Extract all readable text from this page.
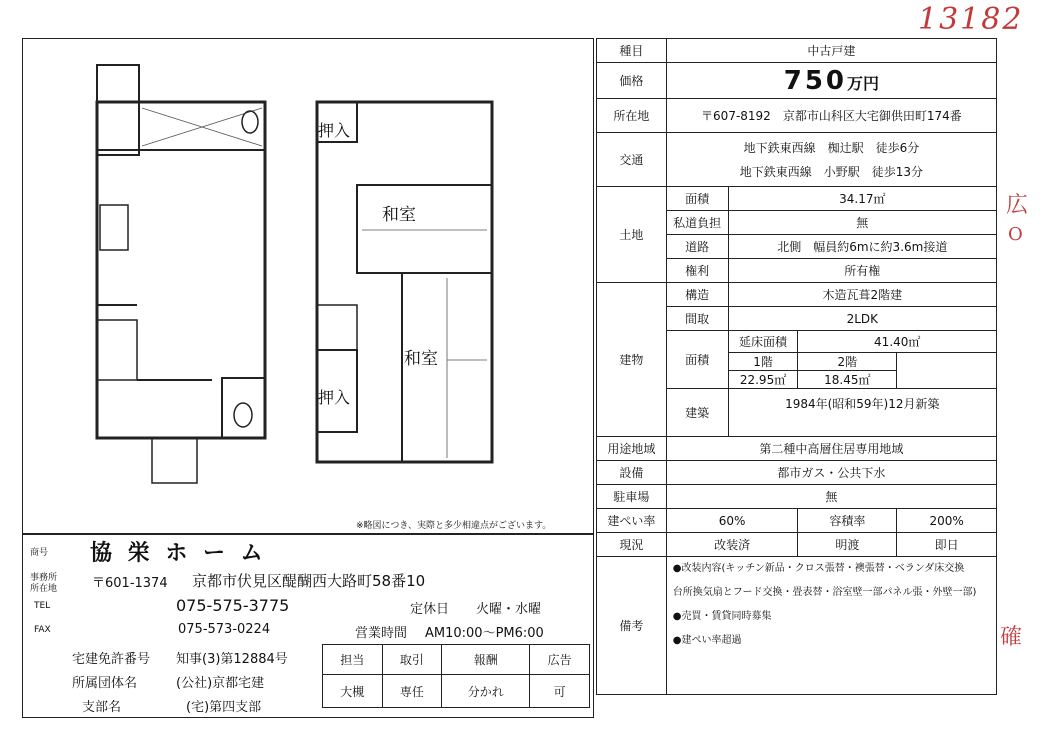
13182
広
O
確
和室
和室
押入
押入
※略図につき、実際と多少相違点がございます。
商号 協 栄 ホ ー ム
事務所
所在地	〒601-1374 京都市伏見区醍醐西大路町58番10
TEL	075-575-3775	定休日 火曜・水曜
FAX	075-573-0224	営業時間 AM10:00〜PM6:00
宅建免許番号 知事(3)第12884号
所属団体名	(公社)京都宅建
支部名	(宅)第四支部
担当	取引	報酬	広告
大槻	専任	分かれ	可
種目	中古戸建			
価格	750万円			
所在地	〒607-8192　京都市山科区大宅御供田町174番			
交通	地下鉄東西線　椥辻駅　徒歩6分
地下鉄東西線　小野駅　徒歩13分			

土地	面積	34.17㎡		
	私道負担	無		
	道路	北側　幅員約6mに約3.6m接道		
	権利	所有権		
建物	構造	木造瓦葺2階建		
	間取	2LDK		
	面積	延床面積	41.40㎡	
		1階	2階	
		22.95㎡	18.45㎡	
	建築	1984年(昭和59年)12月新築		
用途地域	第二種中高層住居専用地域			
設備	都市ガス・公共下水			
駐車場	無			
建ぺい率	60%		容積率	200%
現況	改装済		明渡	即日
備考	●改装内容(キッチン新品・クロス張替・襖張替・ベランダ床交換
台所換気扇とフード交換・畳表替・浴室壁一部パネル張・外壁一部)
●売買・賃貸同時募集
●建ぺい率超過			
